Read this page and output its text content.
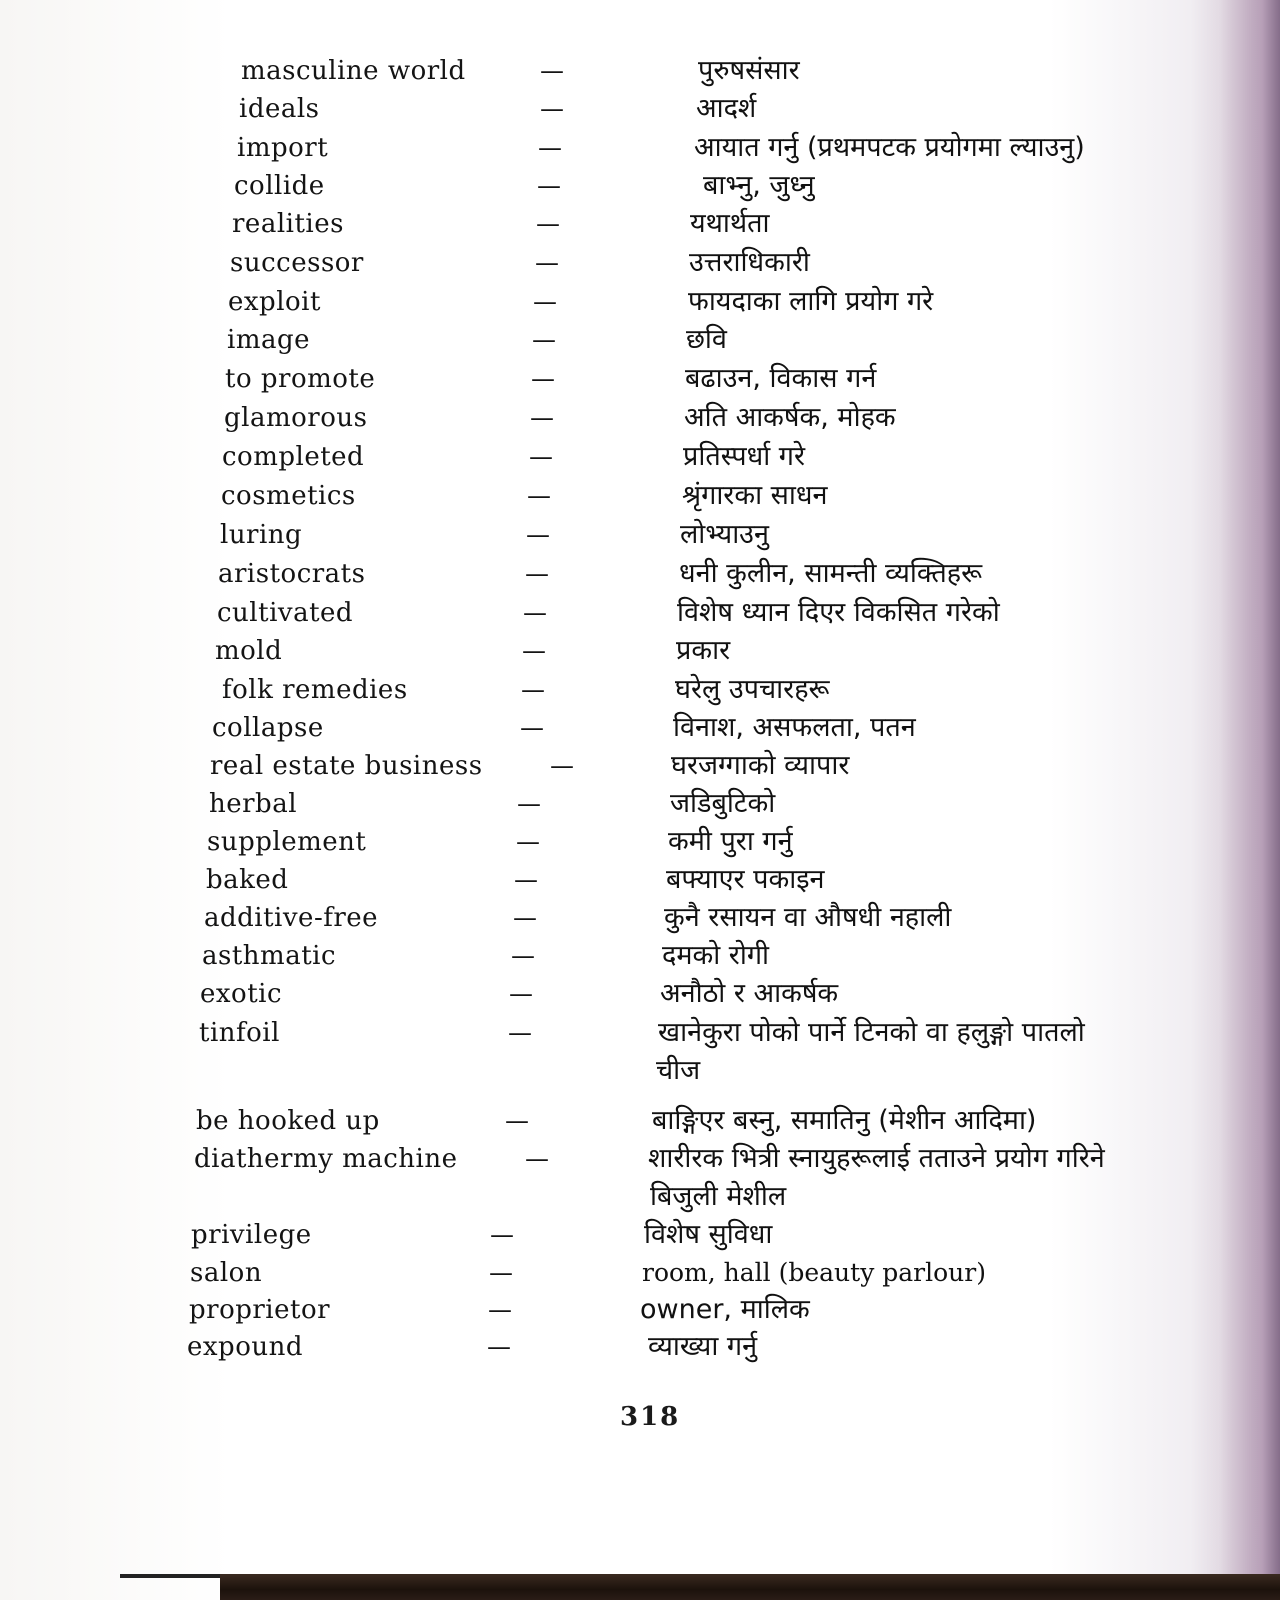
masculine world	—	पुरुषसंसार
ideals	—	आदर्श
import	—	आयात गर्नु (प्रथमपटक प्रयोगमा ल्याउनु)
collide	—	बाभ्नु, जुध्नु
realities	—	यथार्थता
successor	—	उत्तराधिकारी
exploit	—	फायदाका लागि प्रयोग गरे
image	—	छवि
to promote	—	बढाउन, विकास गर्न
glamorous	—	अति आकर्षक, मोहक
completed	—	प्रतिस्पर्धा गरे
cosmetics	—	श्रृंगारका साधन
luring	—	लोभ्याउनु
aristocrats	—	धनी कुलीन, सामन्ती व्यक्तिहरू
cultivated	—	विशेष ध्यान दिएर विकसित गरेको
mold	—	प्रकार
folk remedies	—	घरेलु उपचारहरू
collapse	—	विनाश, असफलता, पतन
real estate business	—	घरजग्गाको व्यापार
herbal	—	जडिबुटिको
supplement	—	कमी पुरा गर्नु
baked	—	बफ्याएर पकाइन
additive-free	—	कुनै रसायन वा औषधी नहाली
asthmatic	—	दमको रोगी
exotic	—	अनौठो र आकर्षक
tinfoil	—	खानेकुरा पोको पार्ने टिनको वा हलुङ्गो पातलो
चीज
be hooked up	—	बाङ्गिएर बस्नु, समातिनु (मेशीन आदिमा)
diathermy machine	—	शारीरक भित्री स्नायुहरूलाई तताउने प्रयोग गरिने
बिजुली मेशील
privilege	—	विशेष सुविधा
salon	—	room, hall (beauty parlour)
proprietor	—	owner, मालिक
expound	—	व्याख्या गर्नु
318
